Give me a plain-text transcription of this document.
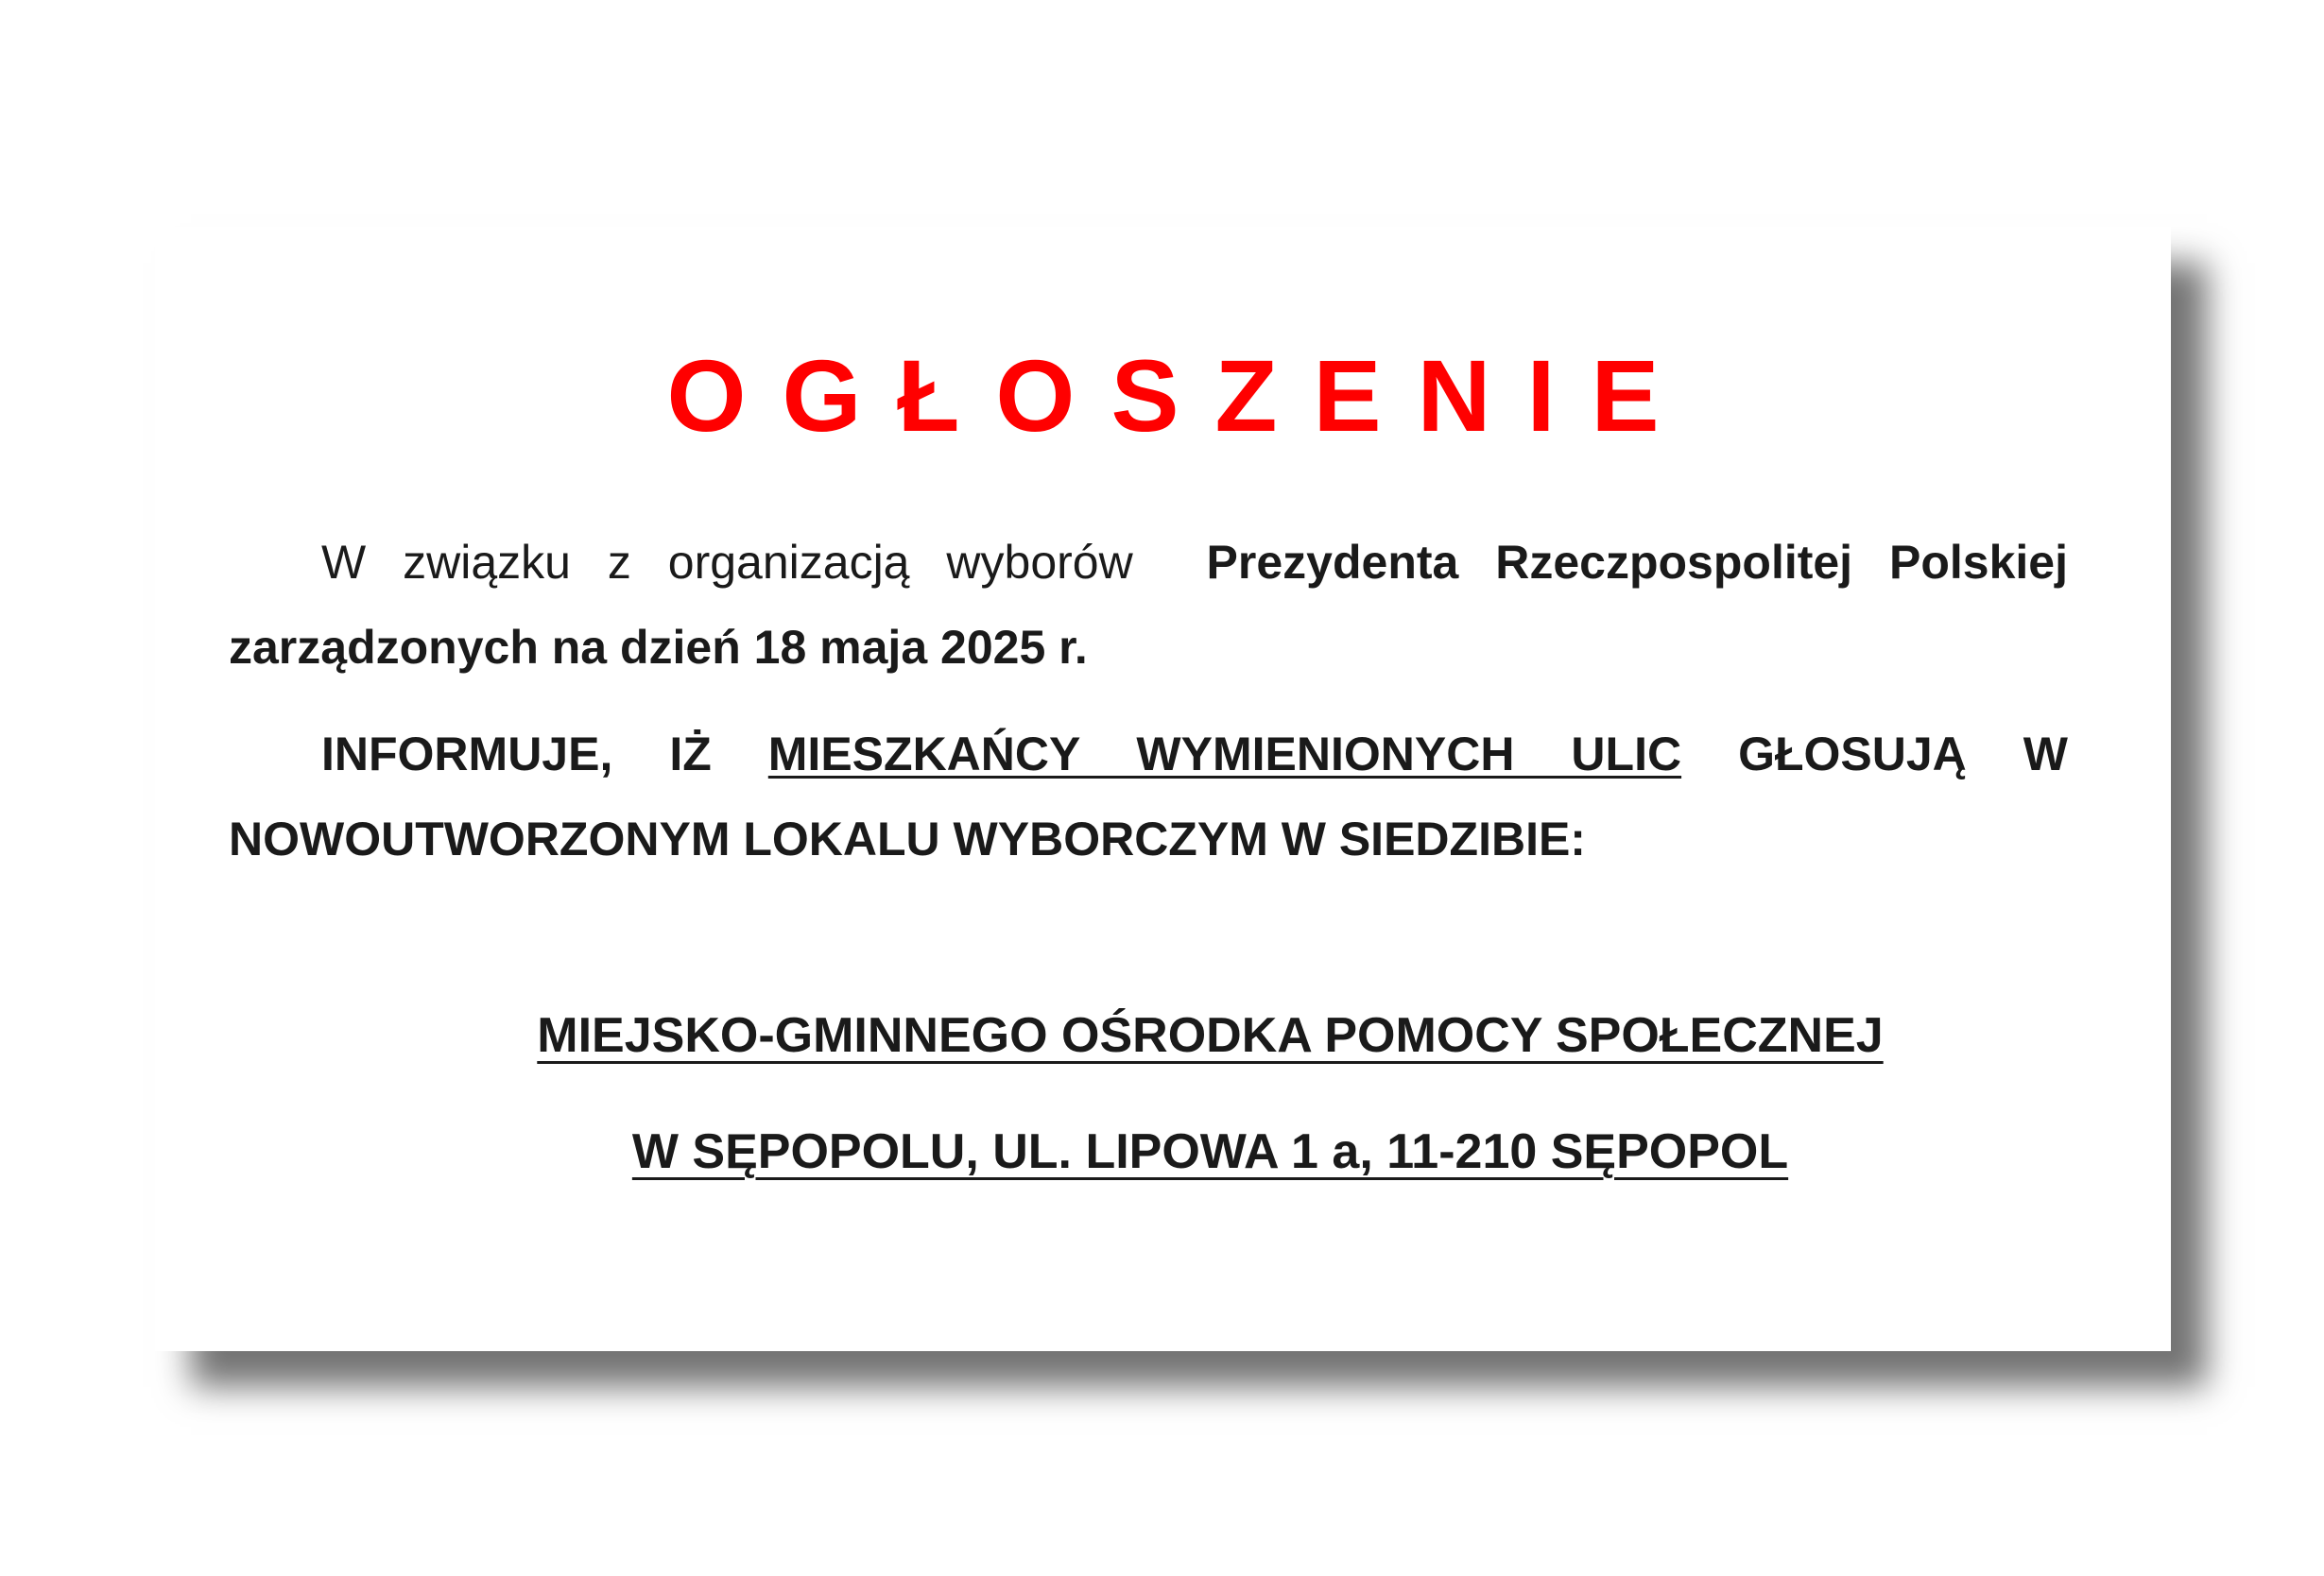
OGŁOSZENIE

W związku z organizacją wyborów Prezydenta Rzeczpospolitej Polskiej zarządzonych na dzień 18 maja 2025 r.

INFORMUJE, IŻ MIESZKAŃCY WYMIENIONYCH ULIC GŁOSUJĄ W NOWOUTWORZONYM LOKALU WYBORCZYM W SIEDZIBIE:

MIEJSKO-GMINNEGO OŚRODKA POMOCY SPOŁECZNEJ
W SĘPOPOLU, UL. LIPOWA 1 a, 11-210 SĘPOPOL
